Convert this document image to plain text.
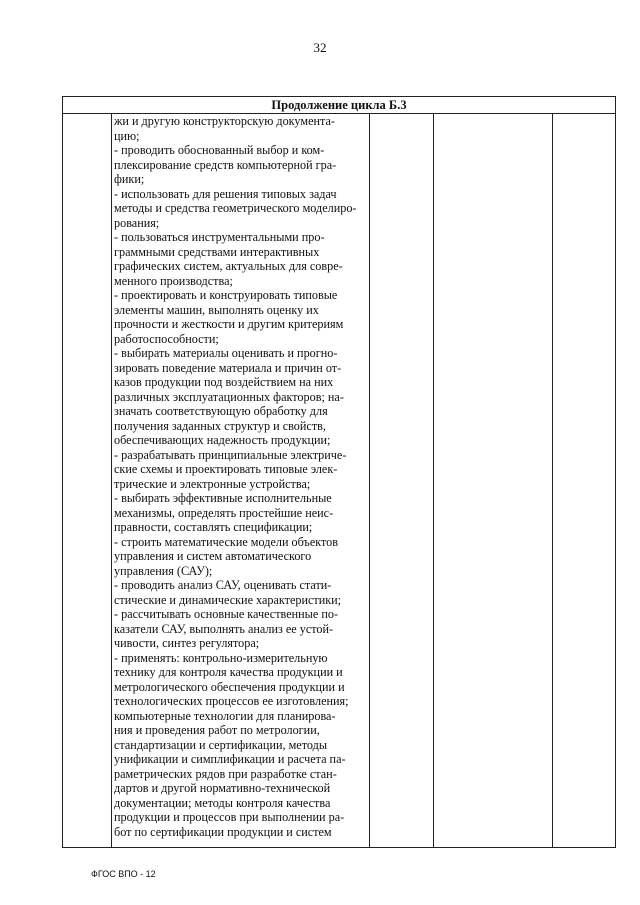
32
Продолжение цикла Б.3
жи и другую конструкторскую документа-
цию;
- проводить обоснованный выбор и ком-
плексирование средств компьютерной гра-
фики;
- использовать для решения типовых задач
методы и средства геометрического моделиро-
рования;
- пользоваться инструментальными про-
граммными средствами интерактивных
графических систем, актуальных для совре-
менного производства;
- проектировать и конструировать типовые
элементы машин, выполнять оценку их
прочности и жесткости и другим критериям
работоспособности;
- выбирать материалы оценивать и прогно-
зировать поведение материала и причин от-
казов продукции под воздействием на них
различных эксплуатационных факторов; на-
значать соответствующую обработку для
получения заданных структур и свойств,
обеспечивающих надежность продукции;
- разрабатывать принципиальные электриче-
ские схемы и проектировать типовые элек-
трические и электронные устройства;
- выбирать эффективные исполнительные
механизмы, определять простейшие неис-
правности, составлять спецификации;
- строить математические модели объектов
управления и систем автоматического
управления (САУ);
- проводить анализ САУ, оценивать стати-
стические и динамические характеристики;
- рассчитывать основные качественные по-
казатели САУ, выполнять анализ ее устой-
чивости, синтез регулятора;
- применять: контрольно-измерительную
технику для контроля качества продукции и
метрологического обеспечения продукции и
технологических процессов ее изготовления;
компьютерные технологии для планирова-
ния и проведения работ по метрологии,
стандартизации и сертификации, методы
унификации и симплификации и расчета па-
раметрических рядов при разработке стан-
дартов и другой нормативно-технической
документации; методы контроля качества
продукции и процессов при выполнении ра-
бот по сертификации продукции и систем
ФГОС ВПО - 12
